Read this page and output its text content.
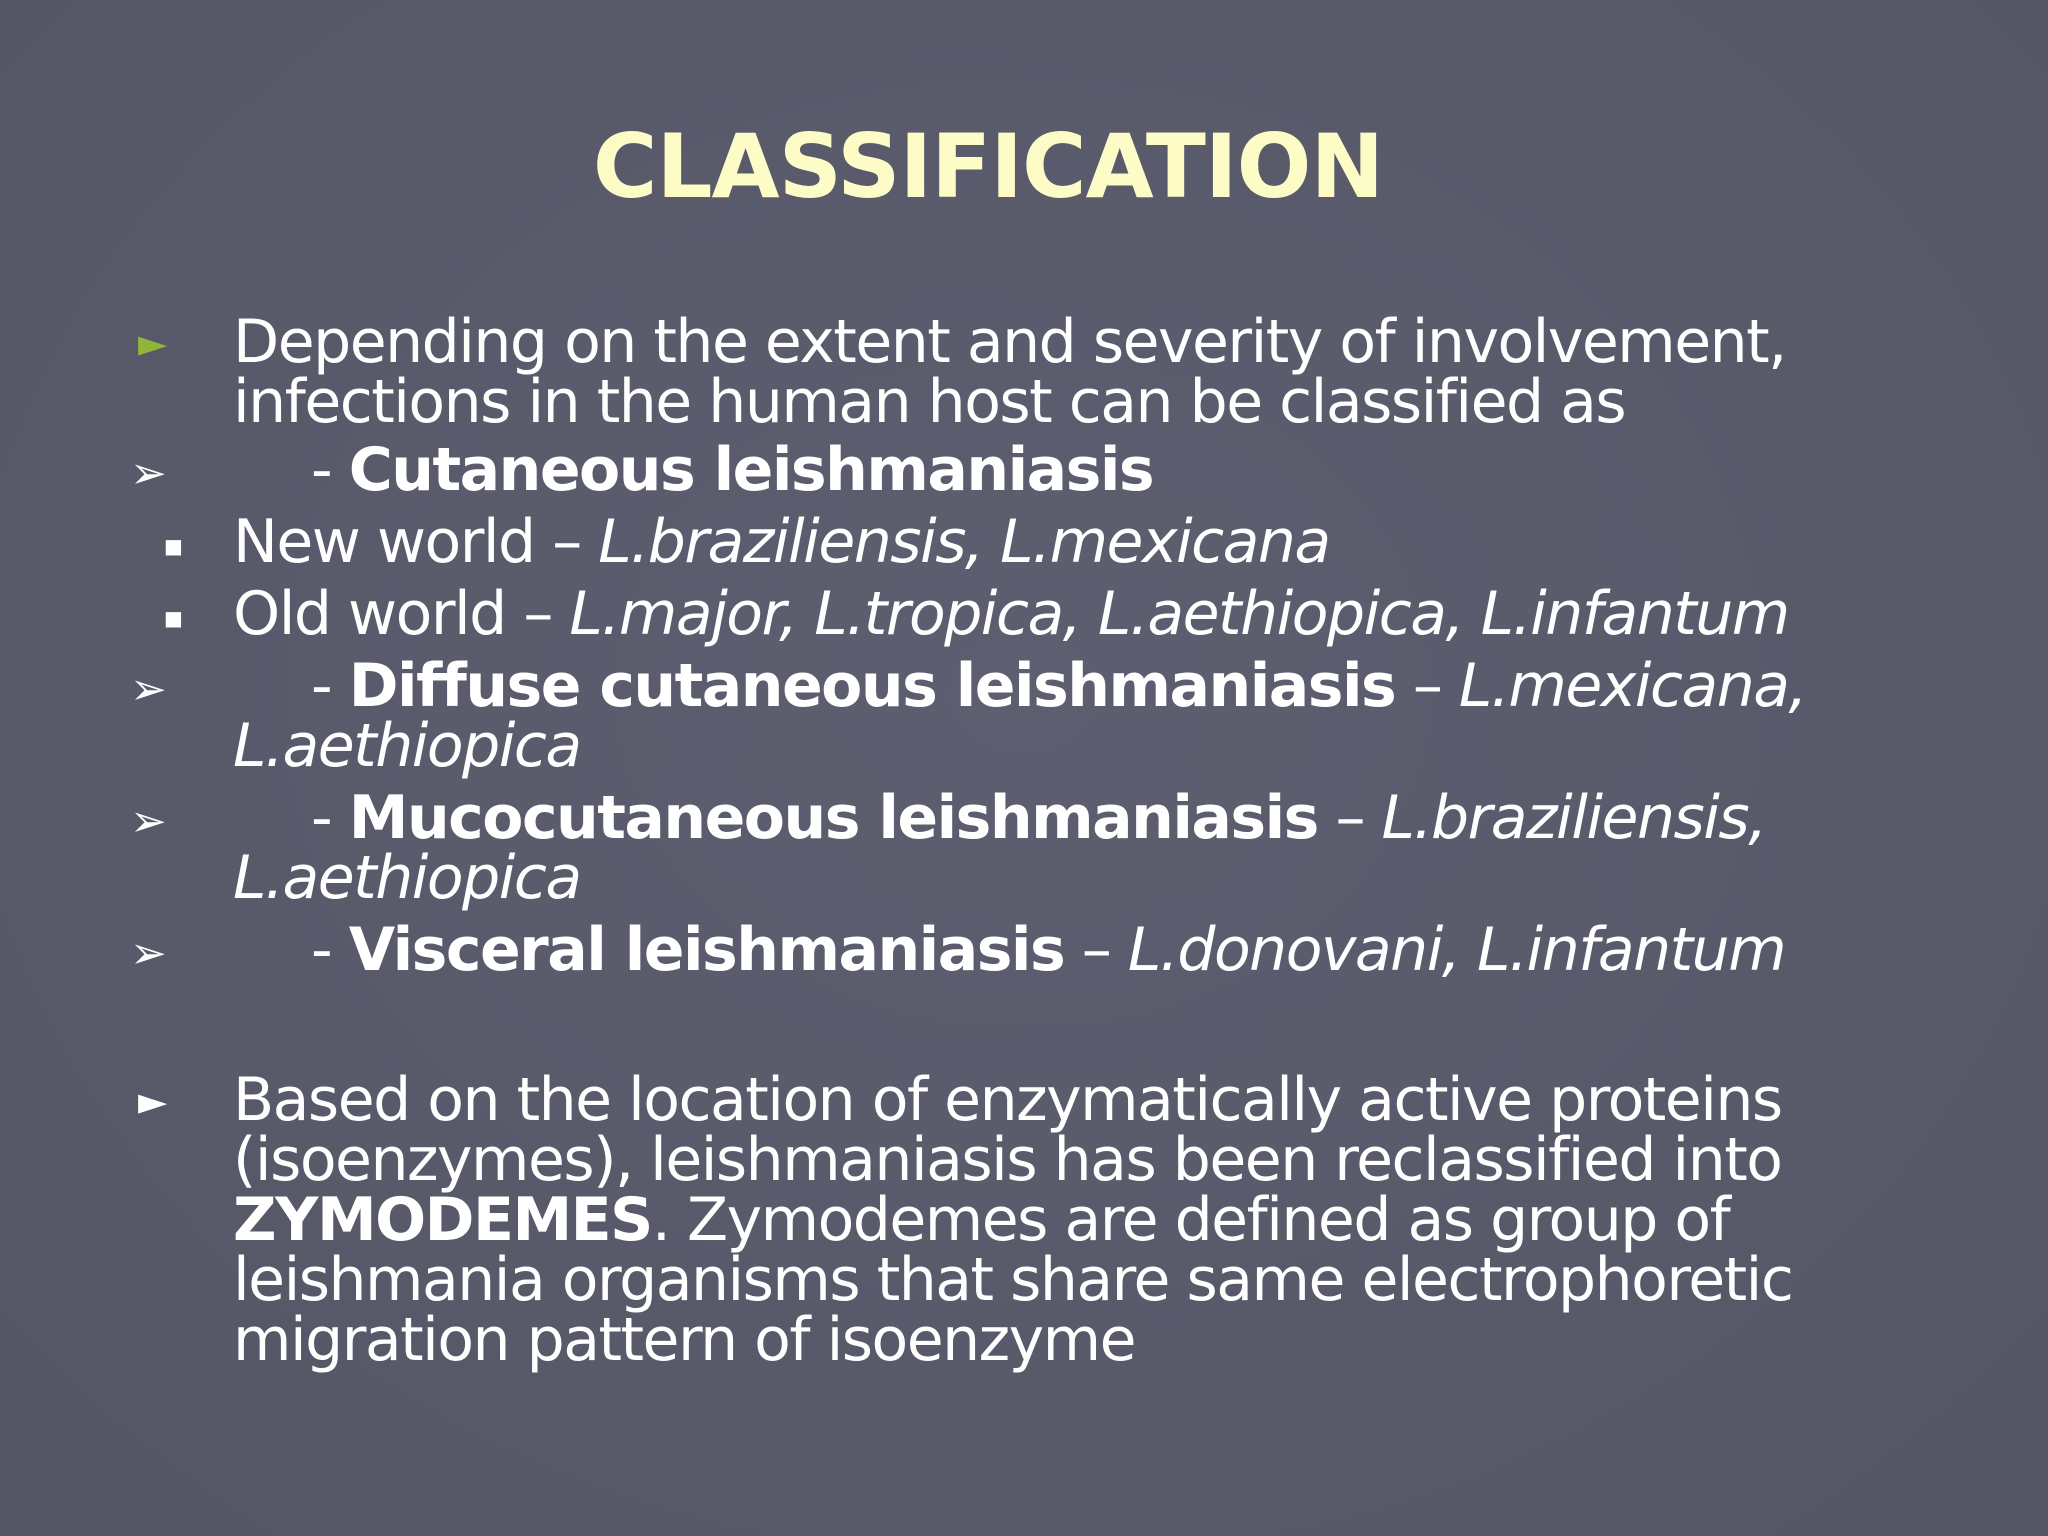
CLASSIFICATION
► Depending on the extent and severity of involvement,
infections in the human host can be classified as
➢	- Cutaneous leishmaniasis
■ New world – L.braziliensis, L.mexicana
■ Old world – L.major, L.tropica, L.aethiopica, L.infantum
➢	- Diffuse cutaneous leishmaniasis – L.mexicana,
L.aethiopica
➢	- Mucocutaneous leishmaniasis – L.braziliensis,
L.aethiopica
➢	- Visceral leishmaniasis – L.donovani, L.infantum
► Based on the location of enzymatically active proteins
(isoenzymes), leishmaniasis has been reclassified into
ZYMODEMES. Zymodemes are defined as group of
leishmania organisms that share same electrophoretic
migration pattern of isoenzyme
